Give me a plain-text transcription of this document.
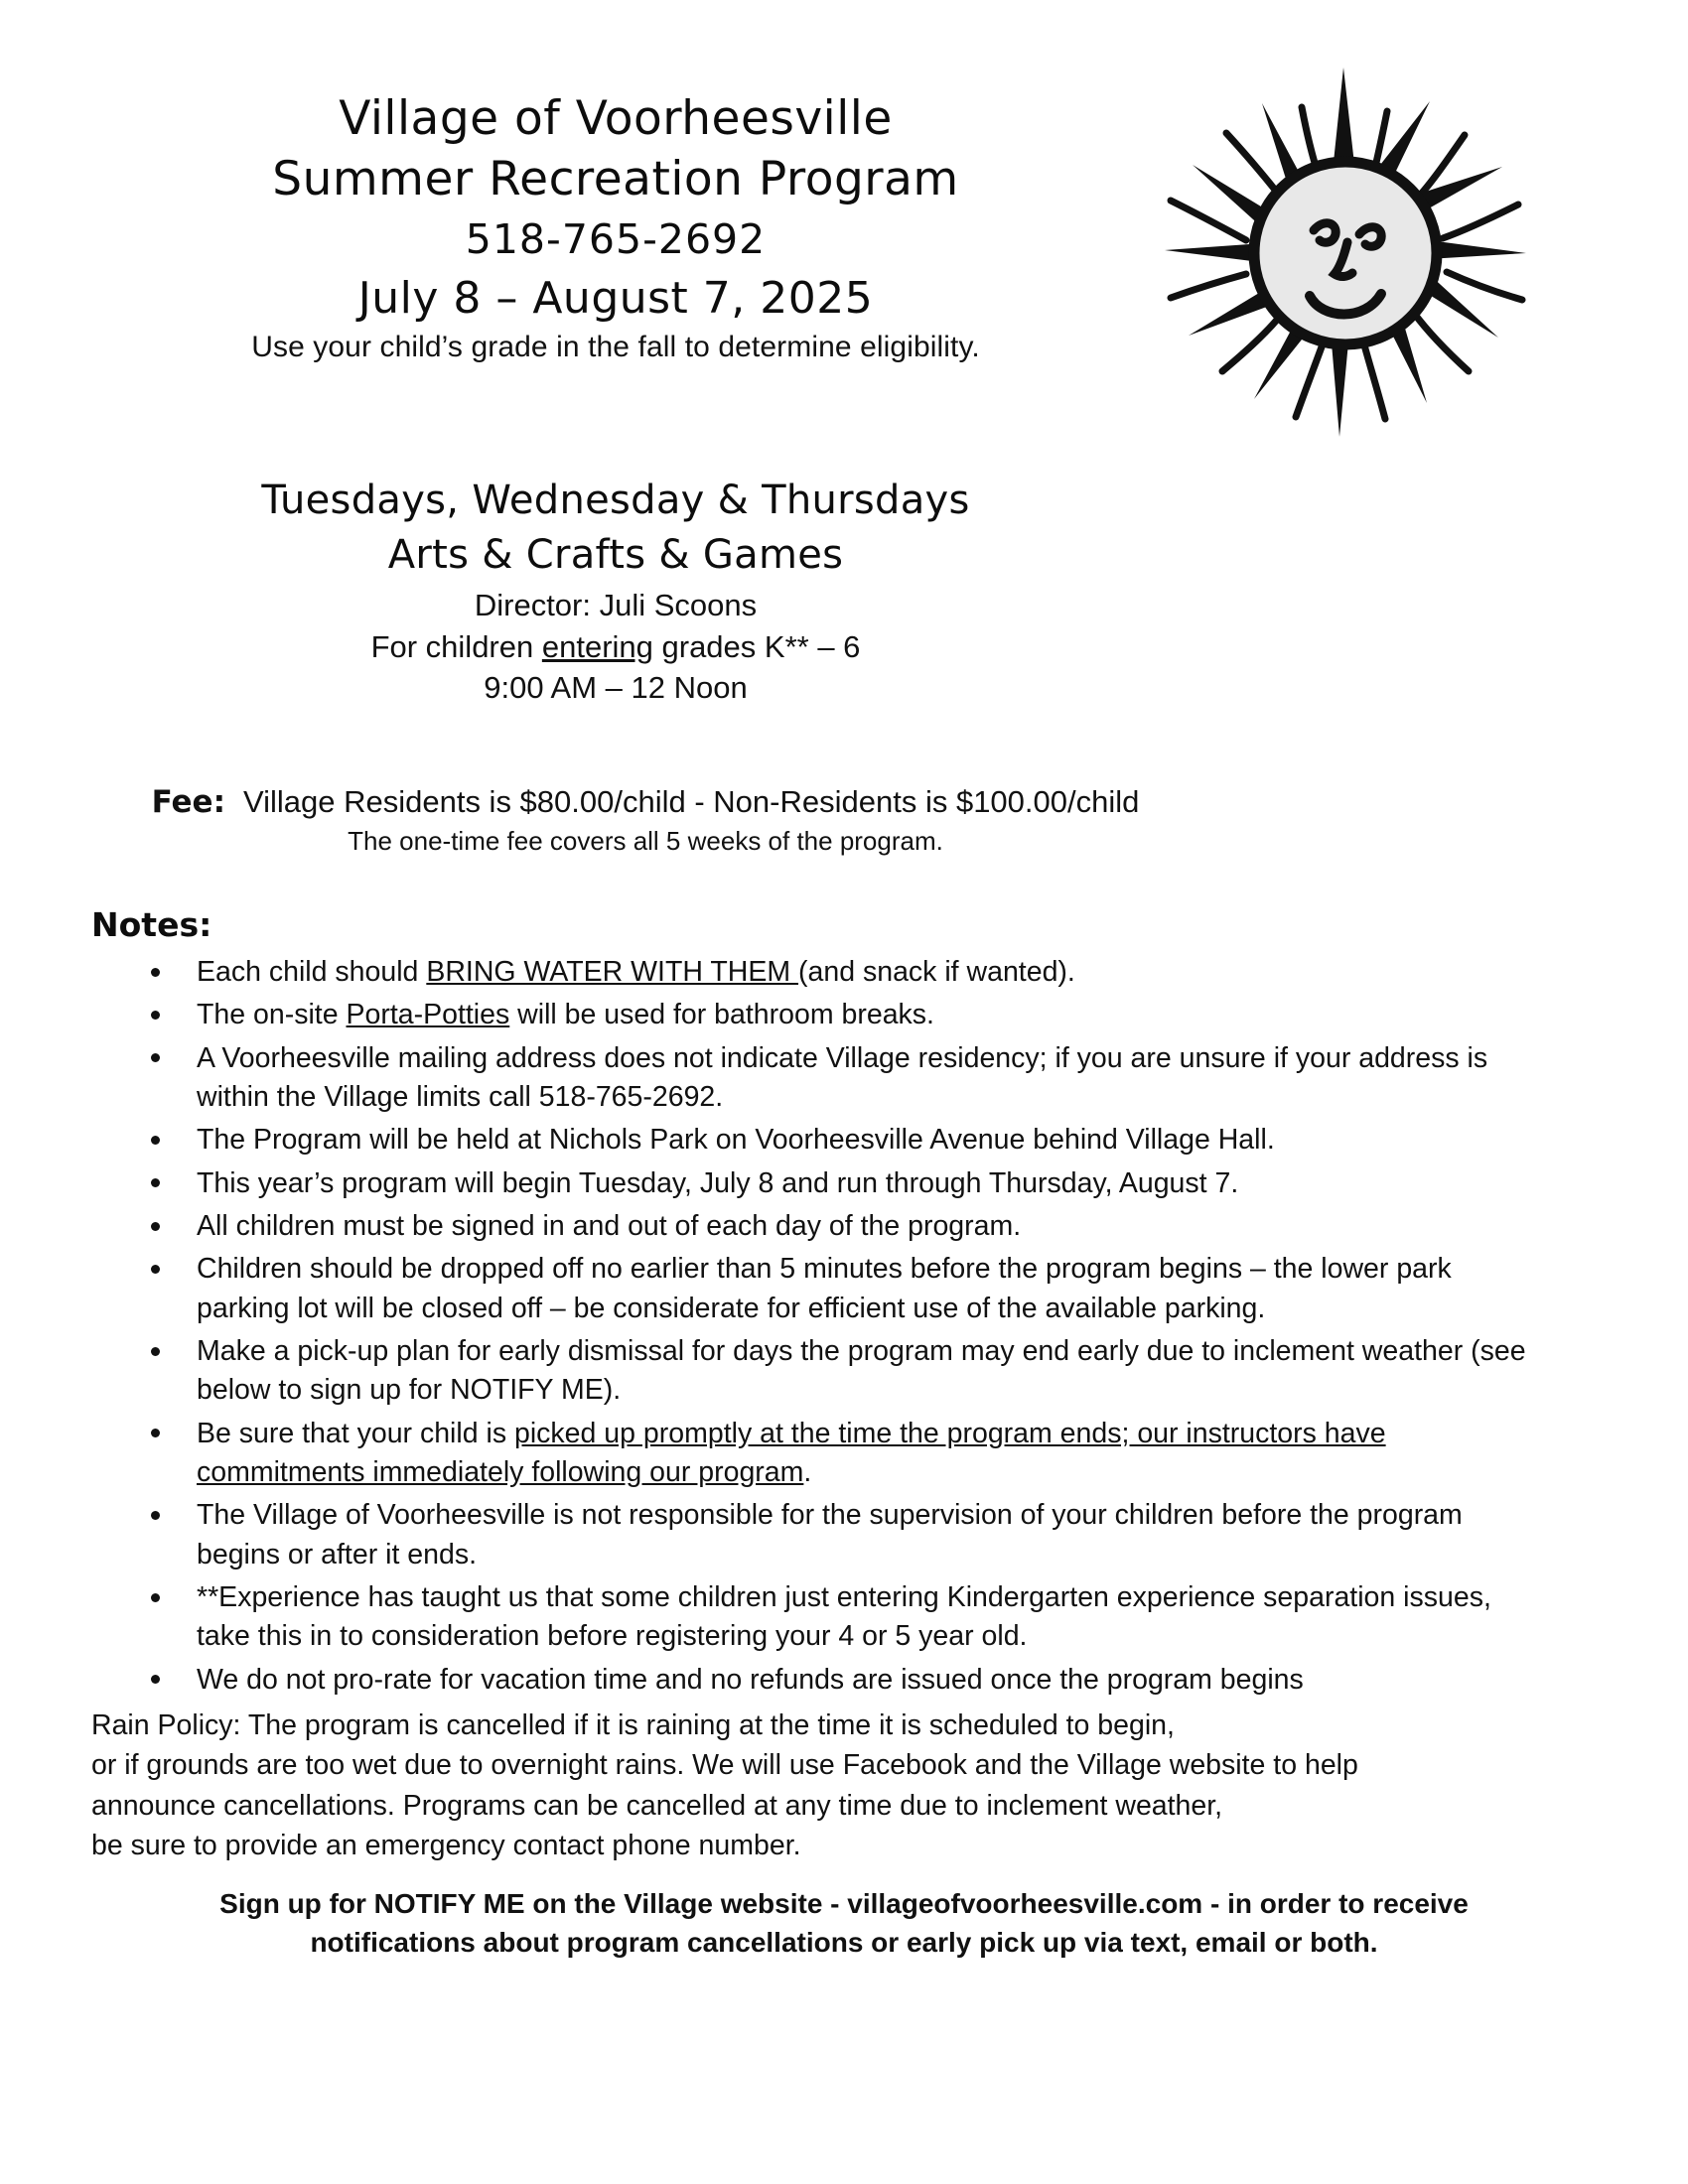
Village of Voorheesville
Summer Recreation Program
518-765-2692
July 8 – August 7, 2025
Use your child’s grade in the fall to determine eligibility.
Tuesdays, Wednesday & Thursdays
Arts & Crafts & Games
Director: Juli Scoons
For children entering grades K** – 6
9:00 AM – 12 Noon
Fee: Village Residents is $80.00/child - Non-Residents is $100.00/child
The one-time fee covers all 5 weeks of the program.
Notes:
Each child should BRING WATER WITH THEM (and snack if wanted).
The on-site Porta-Potties will be used for bathroom breaks.
A Voorheesville mailing address does not indicate Village residency; if you are unsure if your address is within the Village limits call 518-765-2692.
The Program will be held at Nichols Park on Voorheesville Avenue behind Village Hall.
This year’s program will begin Tuesday, July 8 and run through Thursday, August 7.
All children must be signed in and out of each day of the program.
Children should be dropped off no earlier than 5 minutes before the program begins – the lower park parking lot will be closed off – be considerate for efficient use of the available parking.
Make a pick-up plan for early dismissal for days the program may end early due to inclement weather (see below to sign up for NOTIFY ME).
Be sure that your child is picked up promptly at the time the program ends; our instructors have commitments immediately following our program.
The Village of Voorheesville is not responsible for the supervision of your children before the program begins or after it ends.
**Experience has taught us that some children just entering Kindergarten experience separation issues, take this in to consideration before registering your 4 or 5 year old.
We do not pro-rate for vacation time and no refunds are issued once the program begins
Rain Policy: The program is cancelled if it is raining at the time it is scheduled to begin,
or if grounds are too wet due to overnight rains. We will use Facebook and the Village website to help
announce cancellations. Programs can be cancelled at any time due to inclement weather,
be sure to provide an emergency contact phone number.
Sign up for NOTIFY ME on the Village website - villageofvoorheesville.com - in order to receive
notifications about program cancellations or early pick up via text, email or both.
